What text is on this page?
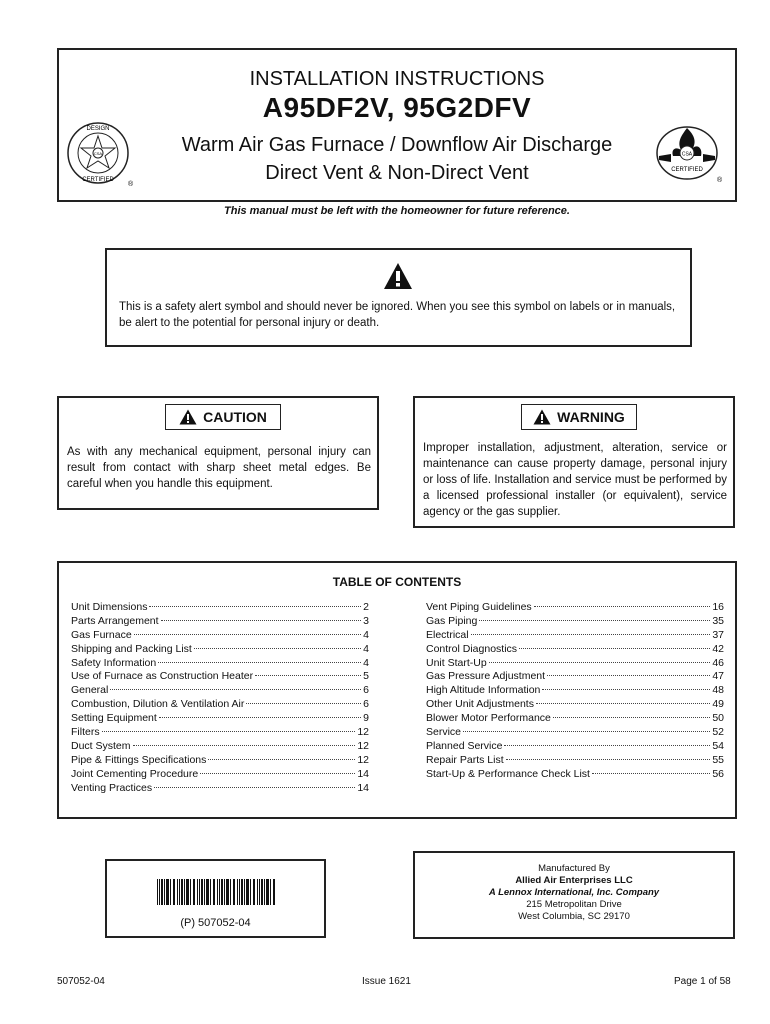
INSTALLATION INSTRUCTIONS
A95DF2V, 95G2DFV
Warm Air Gas Furnace / Downflow Air Discharge
Direct Vent & Non-Direct Vent
CSA
DESIGN
CERTIFIED
®
CSA
CERTIFIED
®
This manual must be left with the homeowner for future reference.
This is a safety alert symbol and should never be ignored. When you see this symbol on labels or in manuals, be alert to the potential for personal injury or death.
CAUTION
As with any mechanical equipment, personal injury can result from contact with sharp sheet metal edges. Be careful when you handle this equipment.
WARNING
Improper installation, adjustment, alteration, service or maintenance can cause property damage, personal injury or loss of life. Installation and service must be performed by a licensed professional installer (or equivalent), service agency or the gas supplier.
TABLE OF CONTENTS
Unit Dimensions	2
Parts Arrangement	3
Gas Furnace	4
Shipping and Packing List	4
Safety Information	4
Use of Furnace as Construction Heater	5
General	6
Combustion, Dilution & Ventilation Air	6
Setting Equipment	9
Filters	12
Duct System	12
Pipe & Fittings Specifications	12
Joint Cementing Procedure	14
Venting Practices	14
Vent Piping Guidelines	16
Gas Piping	35
Electrical	37
Control Diagnostics	42
Unit Start-Up	46
Gas Pressure Adjustment	47
High Altitude Information	48
Other Unit Adjustments	49
Blower Motor Performance	50
Service	52
Planned Service	54
Repair Parts List	55
Start-Up & Performance Check List	56
(P) 507052-04
Manufactured By
Allied Air Enterprises LLC
A Lennox International, Inc. Company
215 Metropolitan Drive
West Columbia, SC 29170
507052-04	Issue 1621	Page 1 of 58
